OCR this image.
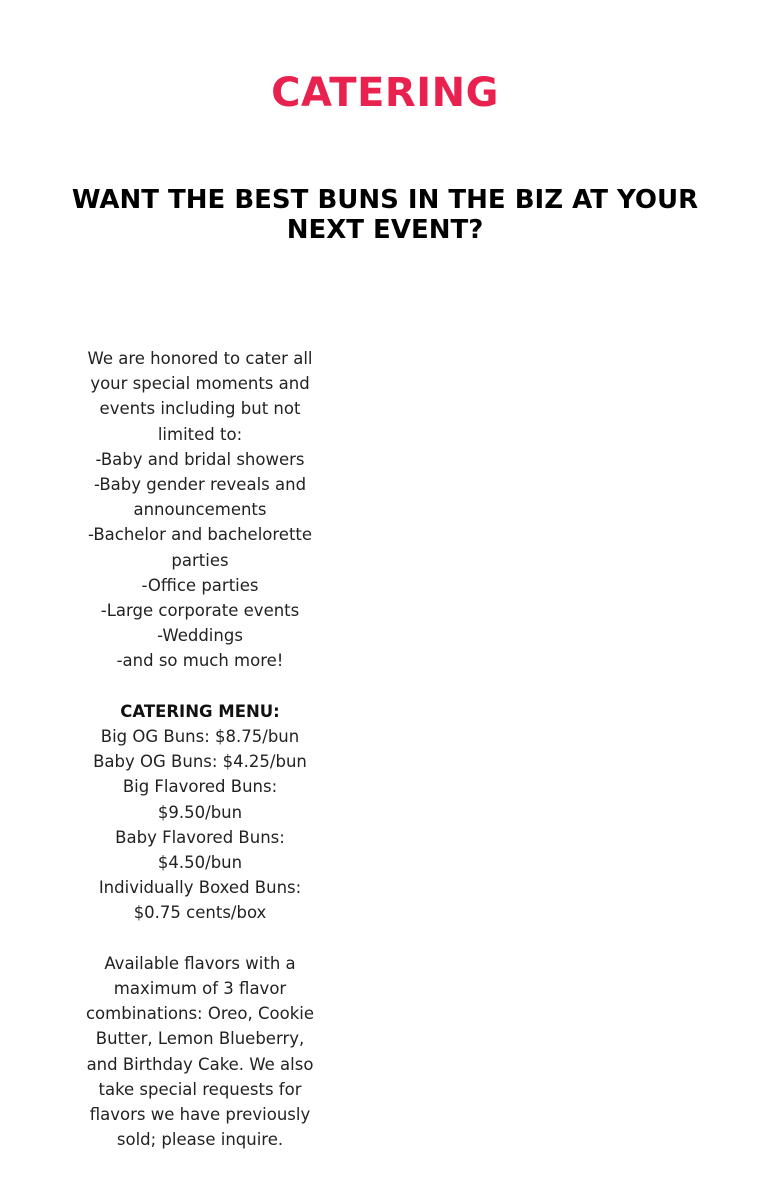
CATERING
WANT THE BEST BUNS IN THE BIZ AT YOUR NEXT EVENT?

We are honored to cater all your special moments and events including but not limited to:

-Baby and bridal showers

-Baby gender reveals and announcements

-Bachelor and bachelorette parties

-Office parties

-Large corporate events

-Weddings

-and so much more!

CATERING MENU:

Big OG Buns: $8.75/bun

Baby OG Buns: $4.25/bun

Big Flavored Buns: $9.50/bun

Baby Flavored Buns: $4.50/bun

Individually Boxed Buns: $0.75 cents/box

Available flavors with a maximum of 3 flavor combinations: Oreo, Cookie Butter, Lemon Blueberry, and Birthday Cake. We also take special requests for flavors we have previously sold; please inquire.
